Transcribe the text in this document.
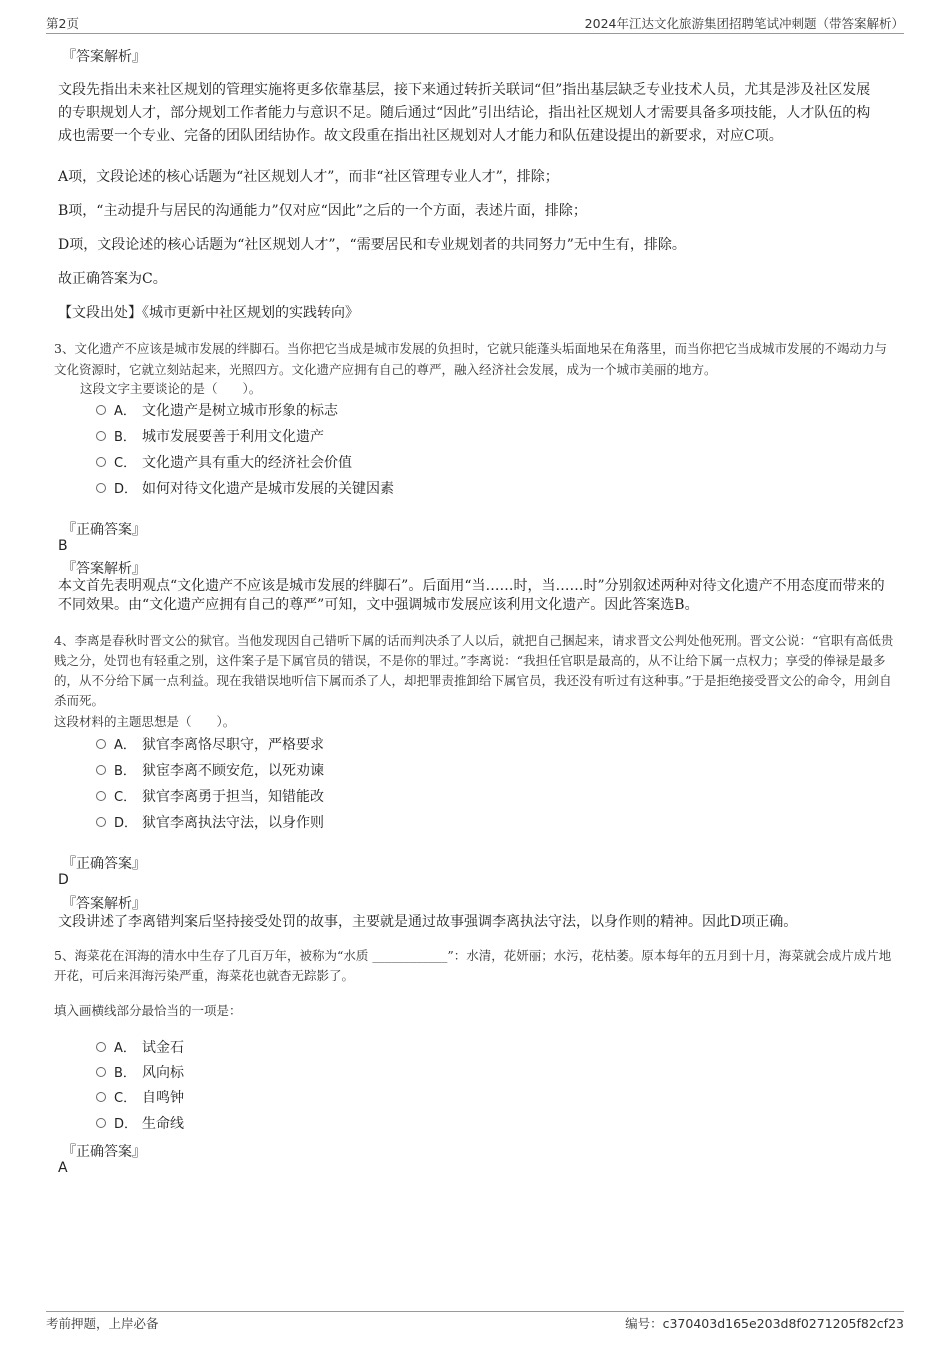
第2页	2024年江达文化旅游集团招聘笔试冲刺题（带答案解析）
『答案解析』
文段先指出未来社区规划的管理实施将更多依靠基层，接下来通过转折关联词“但”指出基层缺乏专业技术人员，尤其是涉及社区发展的专职规划人才，部分规划工作者能力与意识不足。随后通过“因此”引出结论，指出社区规划人才需要具备多项技能，人才队伍的构成也需要一个专业、完备的团队团结协作。故文段重在指出社区规划对人才能力和队伍建设提出的新要求，对应C项。
A项，文段论述的核心话题为“社区规划人才”，而非“社区管理专业人才”，排除；
B项，“主动提升与居民的沟通能力”仅对应“因此”之后的一个方面，表述片面，排除；
D项，文段论述的核心话题为“社区规划人才”，“需要居民和专业规划者的共同努力”无中生有，排除。
故正确答案为C。
【文段出处】《城市更新中社区规划的实践转向》
3、文化遗产不应该是城市发展的绊脚石。当你把它当成是城市发展的负担时，它就只能蓬头垢面地呆在角落里，而当你把它当成城市发展的不竭动力与文化资源时，它就立刻站起来，光照四方。文化遗产应拥有自己的尊严，融入经济社会发展，成为一个城市美丽的地方。
这段文字主要谈论的是（　　）。
A． 文化遗产是树立城市形象的标志
B． 城市发展要善于利用文化遗产
C． 文化遗产具有重大的经济社会价值
D． 如何对待文化遗产是城市发展的关键因素
『正确答案』
B
『答案解析』
本文首先表明观点“文化遗产不应该是城市发展的绊脚石”。后面用“当……时，当……时”分别叙述两种对待文化遗产不用态度而带来的不同效果。由“文化遗产应拥有自己的尊严”可知，文中强调城市发展应该利用文化遗产。因此答案选B。
4、李离是春秋时晋文公的狱官。当他发现因自己错听下属的话而判决杀了人以后，就把自己捆起来，请求晋文公判处他死刑。晋文公说：“官职有高低贵贱之分，处罚也有轻重之别，这件案子是下属官员的错误，不是你的罪过。”李离说：“我担任官职是最高的，从不让给下属一点权力；享受的俸禄是最多的，从不分给下属一点利益。现在我错误地听信下属而杀了人，却把罪责推卸给下属官员，我还没有听过有这种事。”于是拒绝接受晋文公的命令，用剑自杀而死。
这段材料的主题思想是（　　）。
A． 狱官李离恪尽职守，严格要求
B． 狱宦李离不顾安危，以死劝谏
C． 狱官李离勇于担当，知错能改
D． 狱官李离执法守法，以身作则
『正确答案』
D
『答案解析』
文段讲述了李离错判案后坚持接受处罚的故事，主要就是通过故事强调李离执法守法，以身作则的精神。因此D项正确。
5、海菜花在洱海的清水中生存了几百万年，被称为“水质 ____________”：水清，花妍丽；水污，花枯萎。原本每年的五月到十月，海菜就会成片成片地开花，可后来洱海污染严重，海菜花也就杳无踪影了。
填入画横线部分最恰当的一项是：
A． 试金石
B． 风向标
C． 自鸣钟
D． 生命线
『正确答案』
A
考前押题，上岸必备	编号：c370403d165e203d8f0271205f82cf23
